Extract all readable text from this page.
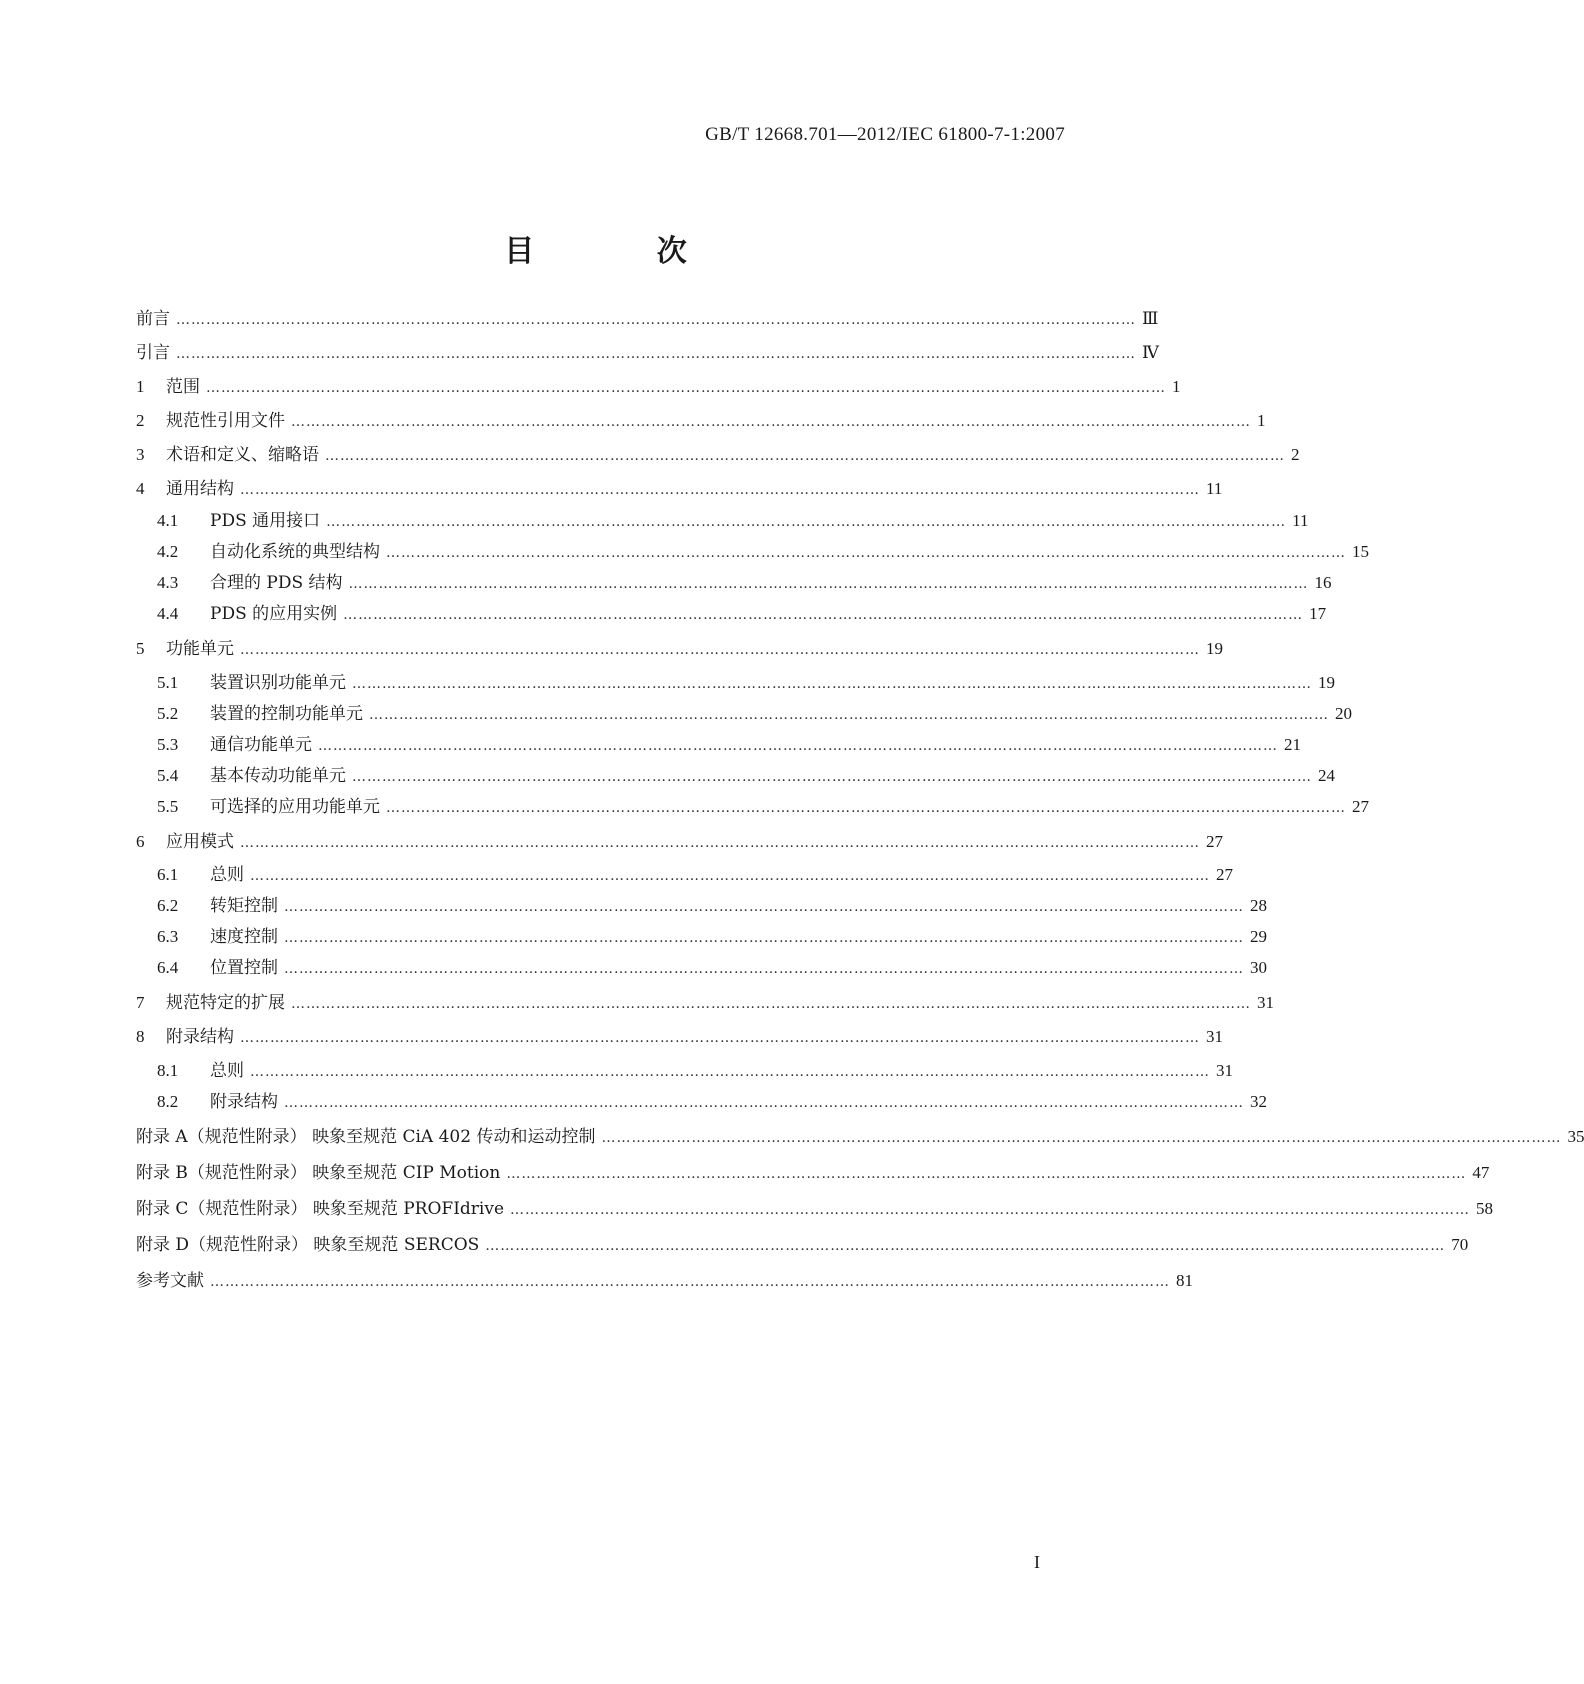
GB/T 12668.701—2012/IEC 61800-7-1:2007
目 次
前言 ………………………………………………………………………………………………………………………………………………………………………… Ⅲ
引言 ………………………………………………………………………………………………………………………………………………………………………… Ⅳ
1	范围 ………………………………………………………………………………………………………………………………………………………………………… 1
2	规范性引用文件 ………………………………………………………………………………………………………………………………………………………………………… 1
3	术语和定义、缩略语 ………………………………………………………………………………………………………………………………………………………………………… 2
4	通用结构 ………………………………………………………………………………………………………………………………………………………………………… 11
4.1	PDS 通用接口 ………………………………………………………………………………………………………………………………………………………………………… 11
4.2	自动化系统的典型结构 ………………………………………………………………………………………………………………………………………………………………………… 15
4.3	合理的 PDS 结构 ………………………………………………………………………………………………………………………………………………………………………… 16
4.4	PDS 的应用实例 ………………………………………………………………………………………………………………………………………………………………………… 17
5	功能单元 ………………………………………………………………………………………………………………………………………………………………………… 19
5.1	装置识别功能单元 ………………………………………………………………………………………………………………………………………………………………………… 19
5.2	装置的控制功能单元 ………………………………………………………………………………………………………………………………………………………………………… 20
5.3	通信功能单元 ………………………………………………………………………………………………………………………………………………………………………… 21
5.4	基本传动功能单元 ………………………………………………………………………………………………………………………………………………………………………… 24
5.5	可选择的应用功能单元 ………………………………………………………………………………………………………………………………………………………………………… 27
6	应用模式 ………………………………………………………………………………………………………………………………………………………………………… 27
6.1	总则 ………………………………………………………………………………………………………………………………………………………………………… 27
6.2	转矩控制 ………………………………………………………………………………………………………………………………………………………………………… 28
6.3	速度控制 ………………………………………………………………………………………………………………………………………………………………………… 29
6.4	位置控制 ………………………………………………………………………………………………………………………………………………………………………… 30
7	规范特定的扩展 ………………………………………………………………………………………………………………………………………………………………………… 31
8	附录结构 ………………………………………………………………………………………………………………………………………………………………………… 31
8.1	总则 ………………………………………………………………………………………………………………………………………………………………………… 31
8.2	附录结构 ………………………………………………………………………………………………………………………………………………………………………… 32
附录 A（规范性附录） 映象至规范 CiA 402 传动和运动控制 ………………………………………………………………………………………………………………………………………………………………………… 35
附录 B（规范性附录） 映象至规范 CIP Motion ………………………………………………………………………………………………………………………………………………………………………… 47
附录 C（规范性附录） 映象至规范 PROFIdrive ………………………………………………………………………………………………………………………………………………………………………… 58
附录 D（规范性附录） 映象至规范 SERCOS ………………………………………………………………………………………………………………………………………………………………………… 70
参考文献 ………………………………………………………………………………………………………………………………………………………………………… 81
I
